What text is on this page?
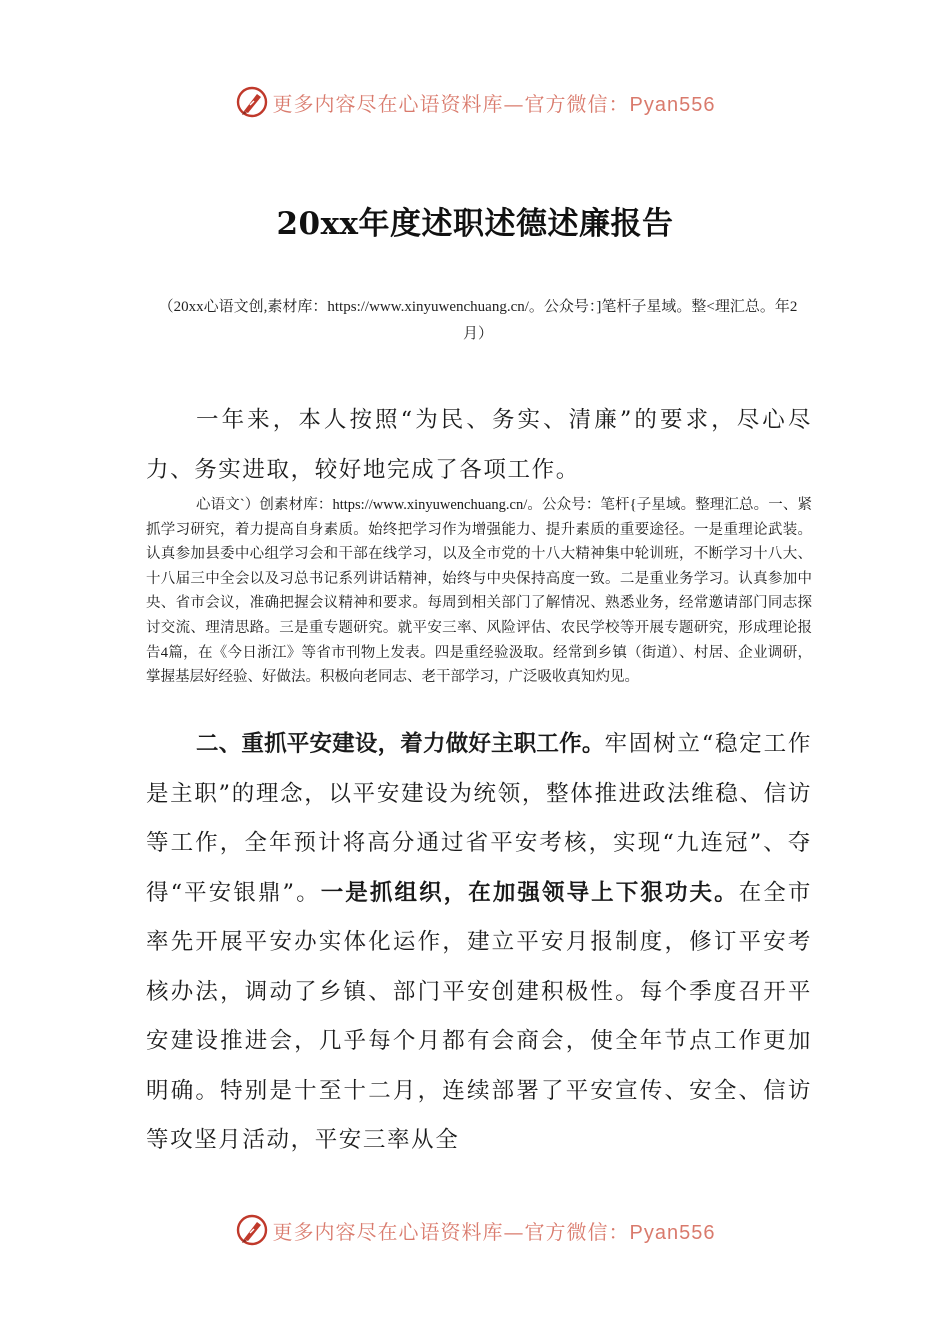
更多内容尽在心语资料库—官方微信：Pyan556
20xx年度述职述德述廉报告
（20xx心语文创,素材库：https://www.xinyuwenchuang.cn/。公众号：]笔杆子星域。整<理汇总。年2月）
一年来，本人按照“为民、务实、清廉”的要求，尽心尽力、务实进取，较好地完成了各项工作。
心语文`）创素材库：https://www.xinyuwenchuang.cn/。公众号：笔杆{子星域。整理汇总。一、紧抓学习研究，着力提高自身素质。始终把学习作为增强能力、提升素质的重要途径。一是重理论武装。认真参加县委中心组学习会和干部在线学习，以及全市党的十八大精神集中轮训班，不断学习十八大、十八届三中全会以及习总书记系列讲话精神，始终与中央保持高度一致。二是重业务学习。认真参加中央、省市会议，准确把握会议精神和要求。每周到相关部门了解情况、熟悉业务，经常邀请部门同志探讨交流、理清思路。三是重专题研究。就平安三率、风险评估、农民学校等开展专题研究，形成理论报告4篇，在《今日浙江》等省市刊物上发表。四是重经验汲取。经常到乡镇（街道）、村居、企业调研，掌握基层好经验、好做法。积极向老同志、老干部学习，广泛吸收真知灼见。
二、重抓平安建设，着力做好主职工作。牢固树立“稳定工作是主职”的理念，以平安建设为统领，整体推进政法维稳、信访等工作，全年预计将高分通过省平安考核，实现“九连冠”、夺得“平安银鼎”。一是抓组织，在加强领导上下狠功夫。在全市率先开展平安办实体化运作，建立平安月报制度，修订平安考核办法，调动了乡镇、部门平安创建积极性。每个季度召开平安建设推进会，几乎每个月都有会商会，使全年节点工作更加明确。特别是十至十二月，连续部署了平安宣传、安全、信访等攻坚月活动，平安三率从全
更多内容尽在心语资料库—官方微信：Pyan556
